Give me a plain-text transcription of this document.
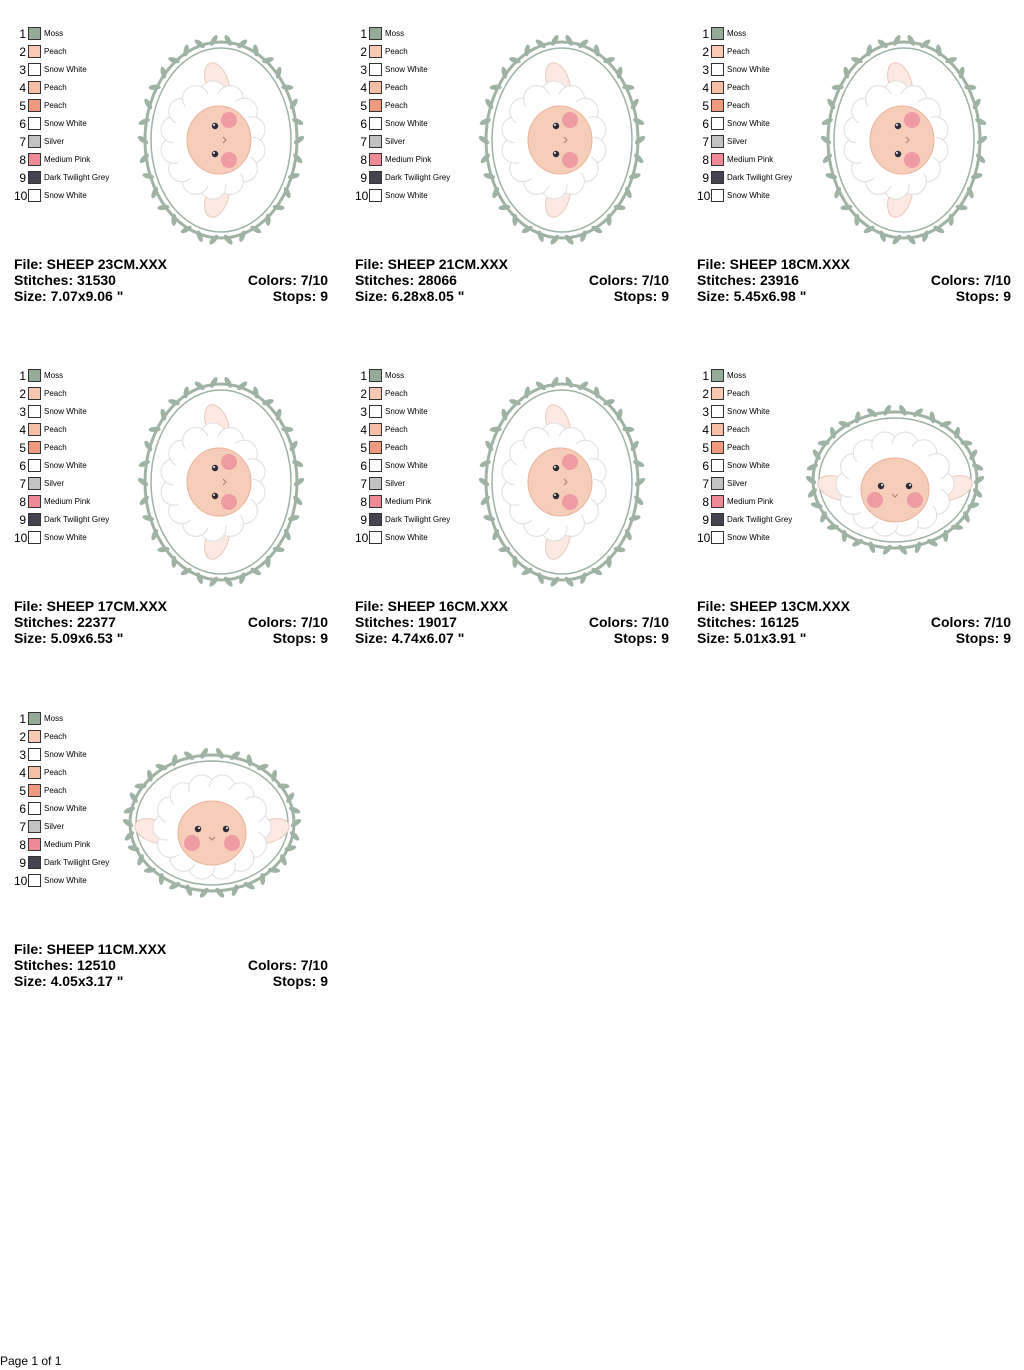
1 Moss
2 Peach
3 Snow White
4 Peach
5 Peach
6 Snow White
7 Silver
8 Medium Pink
9 Dark Twilight Grey
10 Snow White
File: SHEEP 23CM.XXX
Stitches: 31530	Colors: 7/10
Size: 7.07x9.06 "	Stops: 9
1 Moss
2 Peach
3 Snow White
4 Peach
5 Peach
6 Snow White
7 Silver
8 Medium Pink
9 Dark Twilight Grey
10 Snow White
File: SHEEP 21CM.XXX
Stitches: 28066	Colors: 7/10
Size: 6.28x8.05 "	Stops: 9
1 Moss
2 Peach
3 Snow White
4 Peach
5 Peach
6 Snow White
7 Silver
8 Medium Pink
9 Dark Twilight Grey
10 Snow White
File: SHEEP 18CM.XXX
Stitches: 23916	Colors: 7/10
Size: 5.45x6.98 "	Stops: 9
1 Moss
2 Peach
3 Snow White
4 Peach
5 Peach
6 Snow White
7 Silver
8 Medium Pink
9 Dark Twilight Grey
10 Snow White
File: SHEEP 17CM.XXX
Stitches: 22377	Colors: 7/10
Size: 5.09x6.53 "	Stops: 9
1 Moss
2 Peach
3 Snow White
4 Peach
5 Peach
6 Snow White
7 Silver
8 Medium Pink
9 Dark Twilight Grey
10 Snow White
File: SHEEP 16CM.XXX
Stitches: 19017	Colors: 7/10
Size: 4.74x6.07 "	Stops: 9
1 Moss
2 Peach
3 Snow White
4 Peach
5 Peach
6 Snow White
7 Silver
8 Medium Pink
9 Dark Twilight Grey
10 Snow White
File: SHEEP 13CM.XXX
Stitches: 16125	Colors: 7/10
Size: 5.01x3.91 "	Stops: 9
1 Moss
2 Peach
3 Snow White
4 Peach
5 Peach
6 Snow White
7 Silver
8 Medium Pink
9 Dark Twilight Grey
10 Snow White
File: SHEEP 11CM.XXX
Stitches: 12510	Colors: 7/10
Size: 4.05x3.17 "	Stops: 9
Page 1 of 1
